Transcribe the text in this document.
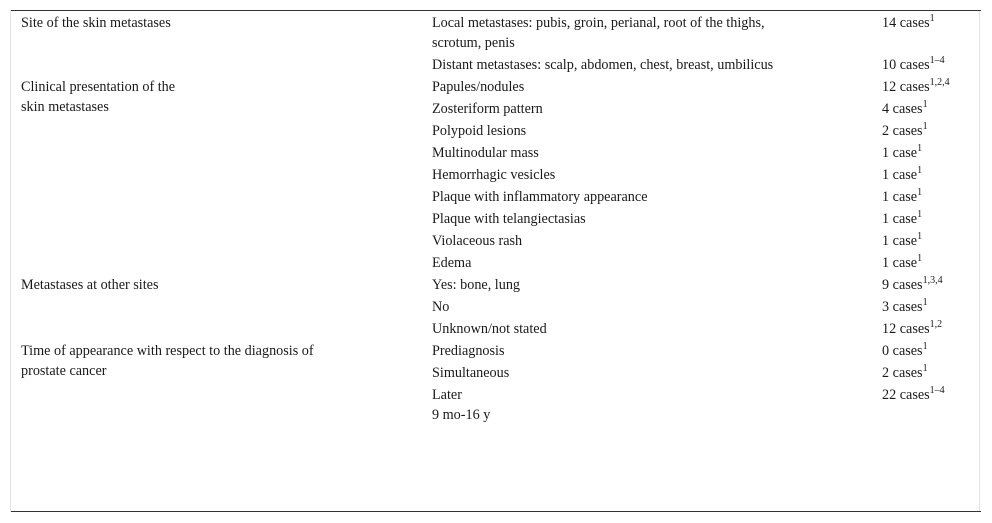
Site of the skin metastases	Local metastases: pubis, groin, perianal, root of the thighs, scrotum, penis	14 cases$^1$

	Distant metastases: scalp, abdomen, chest, breast, umbilicus	10 cases$^{1-4}$

Clinical presentation of the skin metastases	Papules/nodules	12 cases$^{1,2,4}$

	Zosteriform pattern	4 cases$^1$

	Polypoid lesions	2 cases$^1$

	Multinodular mass	1 case$^1$

	Hemorrhagic vesicles	1 case$^1$

	Plaque with inflammatory appearance	1 case$^1$

	Plaque with telangiectasias	1 case$^1$

	Violaceous rash	1 case$^1$

	Edema	1 case$^1$

Metastases at other sites	Yes: bone, lung	9 cases$^{1,3,4}$

	No	3 cases$^1$

	Unknown/not stated	12 cases$^{1,2}$

Time of appearance with respect to the diagnosis of prostate cancer	Prediagnosis	0 cases$^1$

	Simultaneous	2 cases$^1$

	Later
9 mo-16 y	22 cases$^{1-4}$
